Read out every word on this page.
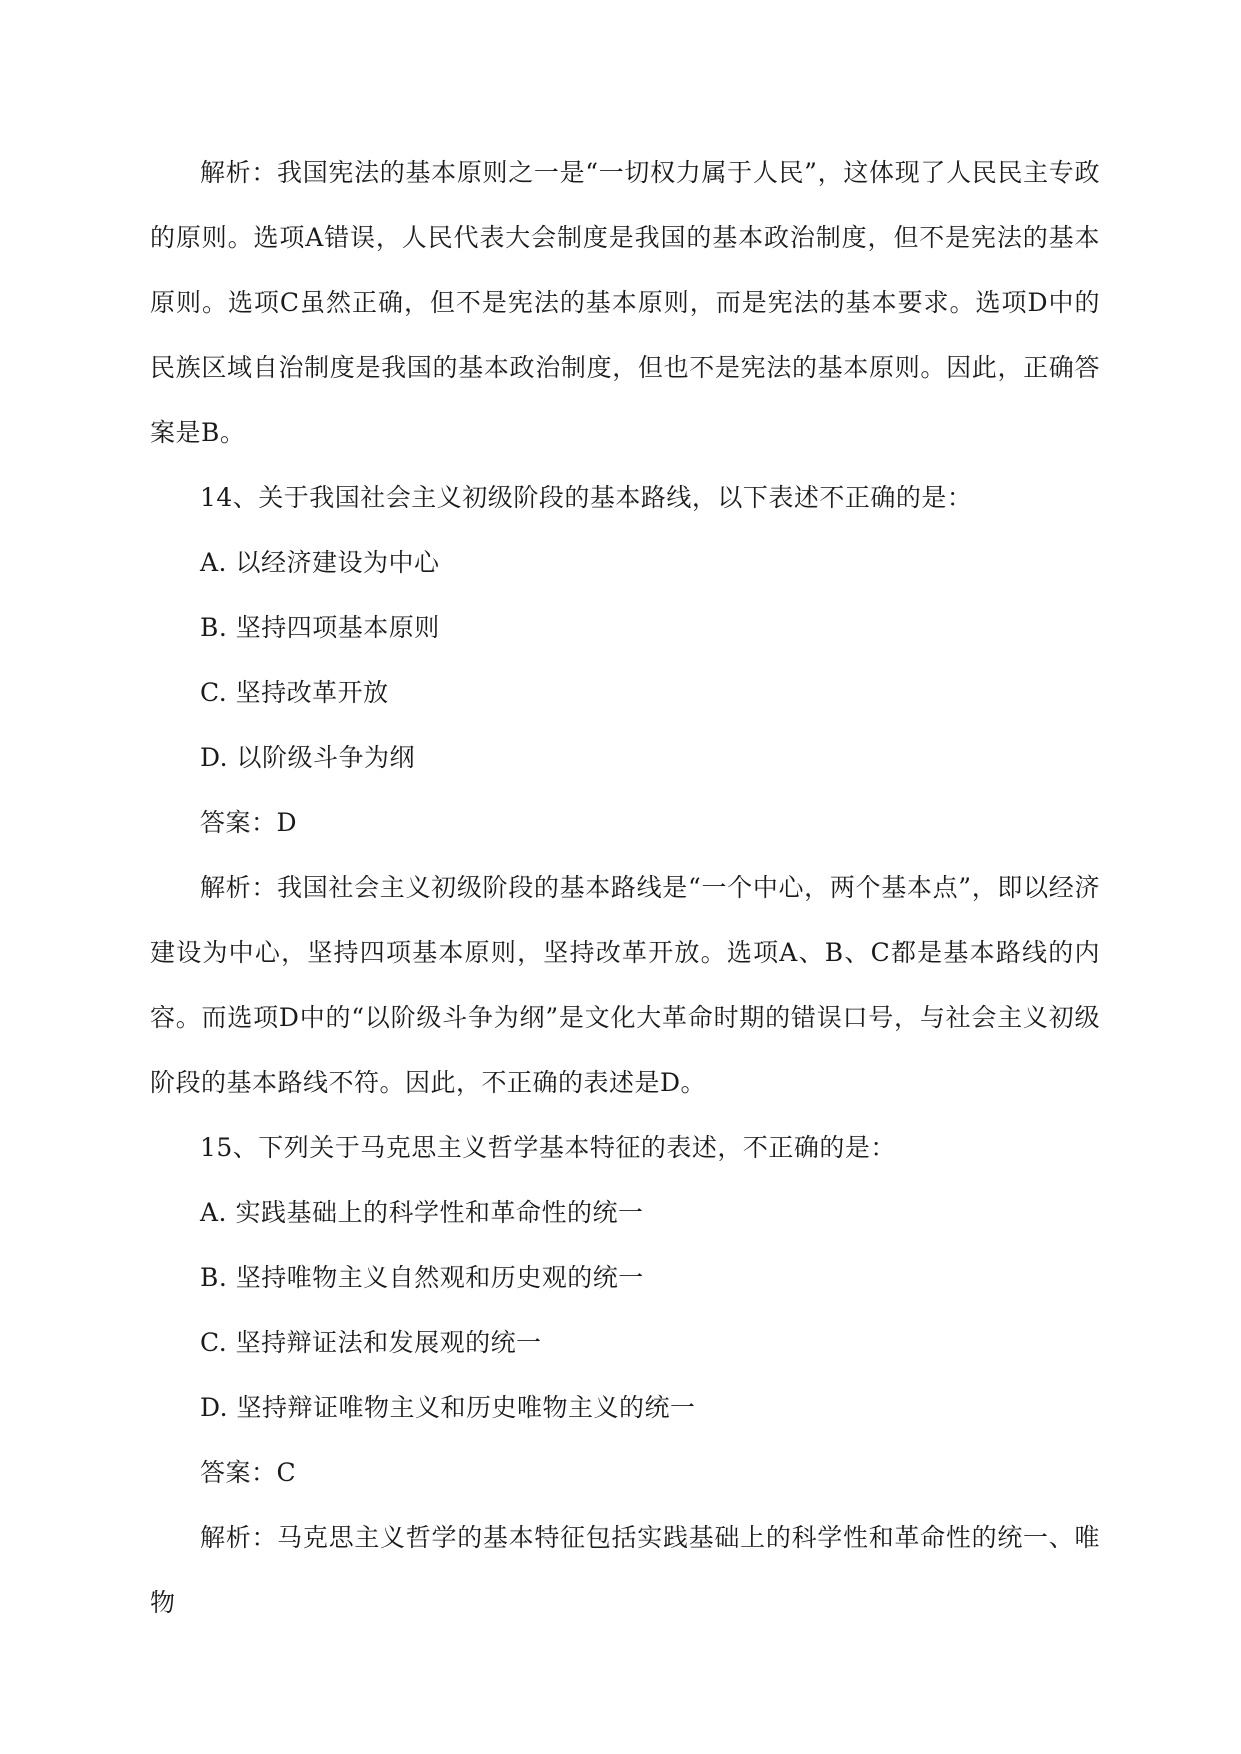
解析：我国宪法的基本原则之一是“一切权力属于人民”，这体现了人民民主专政的原则。选项A错误，人民代表大会制度是我国的基本政治制度，但不是宪法的基本原则。选项C虽然正确，但不是宪法的基本原则，而是宪法的基本要求。选项D中的民族区域自治制度是我国的基本政治制度，但也不是宪法的基本原则。因此，正确答案是B。

14、关于我国社会主义初级阶段的基本路线，以下表述不正确的是：

A. 以经济建设为中心

B. 坚持四项基本原则

C. 坚持改革开放

D. 以阶级斗争为纲

答案：D

解析：我国社会主义初级阶段的基本路线是“一个中心，两个基本点”，即以经济建设为中心，坚持四项基本原则，坚持改革开放。选项A、B、C都是基本路线的内容。而选项D中的“以阶级斗争为纲”是文化大革命时期的错误口号，与社会主义初级阶段的基本路线不符。因此，不正确的表述是D。

15、下列关于马克思主义哲学基本特征的表述，不正确的是：

A. 实践基础上的科学性和革命性的统一

B. 坚持唯物主义自然观和历史观的统一

C. 坚持辩证法和发展观的统一

D. 坚持辩证唯物主义和历史唯物主义的统一

答案：C

解析：马克思主义哲学的基本特征包括实践基础上的科学性和革命性的统一、唯物
